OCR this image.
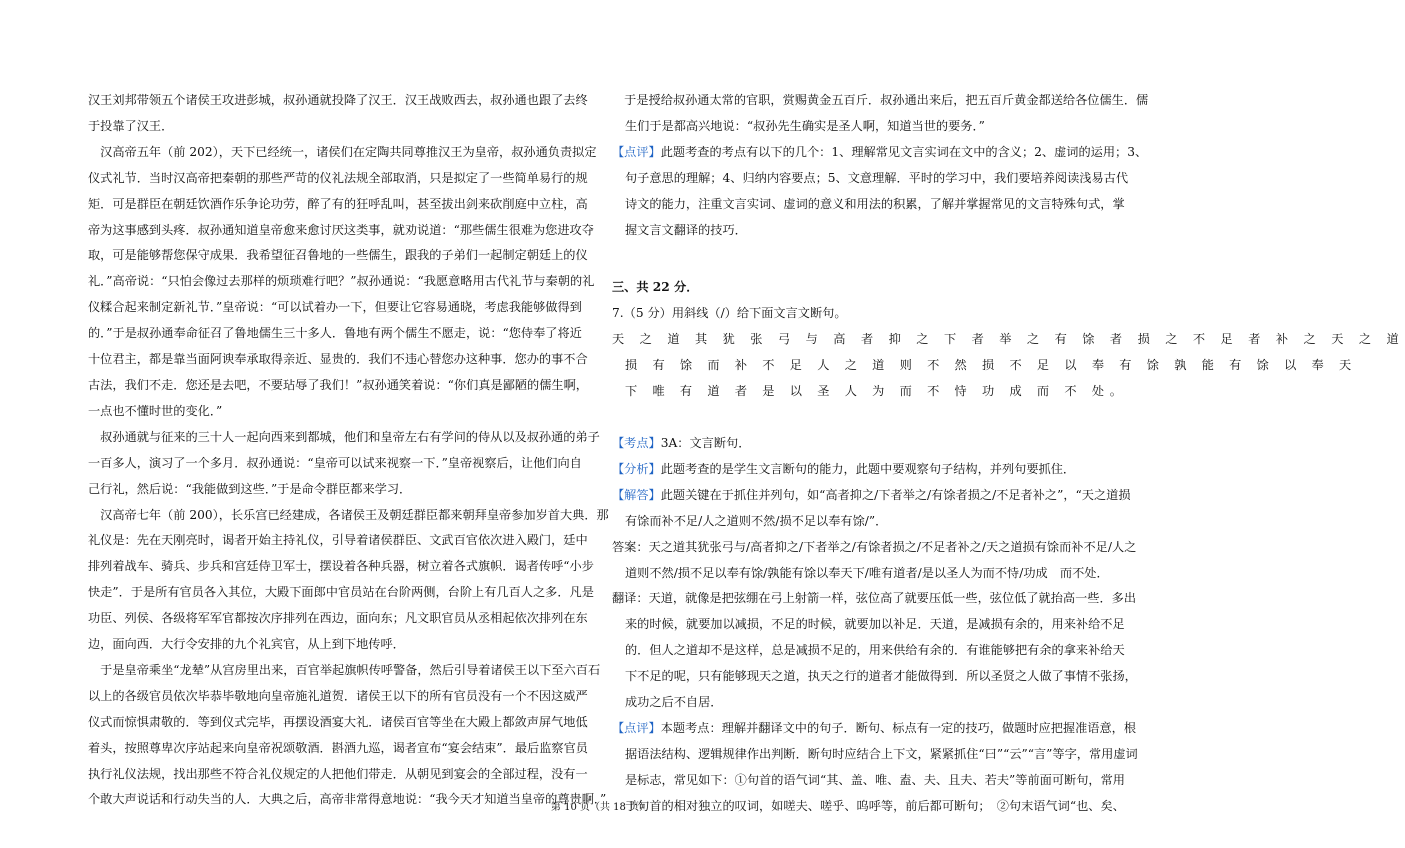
汉王刘邦带领五个诸侯王攻进彭城，叔孙通就投降了汉王．汉王战败西去，叔孙通也跟了去终
于投靠了汉王．
　汉高帝五年（前 202），天下已经统一，诸侯们在定陶共同尊推汉王为皇帝，叔孙通负责拟定
仪式礼节．当时汉高帝把秦朝的那些严苛的仪礼法规全部取消，只是拟定了一些简单易行的规
矩．可是群臣在朝廷饮酒作乐争论功劳，醉了有的狂呼乱叫，甚至拔出剑来砍削庭中立柱，高
帝为这事感到头疼．叔孙通知道皇帝愈来愈讨厌这类事，就劝说道：“那些儒生很难为您进攻夺
取，可是能够帮您保守成果．我希望征召鲁地的一些儒生，跟我的子弟们一起制定朝廷上的仪
礼．”高帝说：“只怕会像过去那样的烦琐难行吧？”叔孙通说：“我愿意略用古代礼节与秦朝的礼
仪糅合起来制定新礼节．”皇帝说：“可以试着办一下，但要让它容易通晓，考虑我能够做得到
的．”于是叔孙通奉命征召了鲁地儒生三十多人．鲁地有两个儒生不愿走，说：“您侍奉了将近
十位君主，都是靠当面阿谀奉承取得亲近、显贵的．我们不违心替您办这种事．您办的事不合
古法，我们不走．您还是去吧，不要玷辱了我们！”叔孙通笑着说：“你们真是鄙陋的儒生啊，
一点也不懂时世的变化．”
　叔孙通就与征来的三十人一起向西来到都城，他们和皇帝左右有学问的侍从以及叔孙通的弟子
一百多人，演习了一个多月．叔孙通说：“皇帝可以试来视察一下．”皇帝视察后，让他们向自
己行礼，然后说：“我能做到这些．”于是命令群臣都来学习．
　汉高帝七年（前 200），长乐宫已经建成，各诸侯王及朝廷群臣都来朝拜皇帝参加岁首大典．那
礼仪是：先在天刚亮时，谒者开始主持礼仪，引导着诸侯群臣、文武百官依次进入殿门，廷中
排列着战车、骑兵、步兵和宫廷侍卫军士，摆设着各种兵器，树立着各式旗帜．谒者传呼“小步
快走”．于是所有官员各入其位，大殿下面郎中官员站在台阶两侧，台阶上有几百人之多．凡是
功臣、列侯、各级将军军官都按次序排列在西边，面向东；凡文职官员从丞相起依次排列在东
边，面向西．大行令安排的九个礼宾官，从上到下地传呼．
　于是皇帝乘坐“龙辇”从宫房里出来，百官举起旗帜传呼警备，然后引导着诸侯王以下至六百石
以上的各级官员依次毕恭毕敬地向皇帝施礼道贺．诸侯王以下的所有官员没有一个不因这威严
仪式而惊惧肃敬的．等到仪式完毕，再摆设酒宴大礼．诸侯百官等坐在大殿上都敛声屏气地低
着头，按照尊卑次序站起来向皇帝祝颂敬酒．斟酒九巡，谒者宣布“宴会结束”．最后监察官员
执行礼仪法规，找出那些不符合礼仪规定的人把他们带走．从朝见到宴会的全部过程，没有一
个敢大声说话和行动失当的人．大典之后，高帝非常得意地说：“我今天才知道当皇帝的尊贵啊．”
　于是授给叔孙通太常的官职，赏赐黄金五百斤．叔孙通出来后，把五百斤黄金都送给各位儒生．儒
生们于是都高兴地说：“叔孙先生确实是圣人啊，知道当世的要务．”
【点评】此题考查的考点有以下的几个：1、理解常见文言实词在文中的含义；2、虚词的运用；3、
句子意思的理解；4、归纳内容要点；5、文意理解．平时的学习中，我们要培养阅读浅易古代
诗文的能力，注重文言实词、虚词的意义和用法的积累，了解并掌握常见的文言特殊句式，掌
握文言文翻译的技巧．
三、共 22 分．
7.（5 分）用斜线（/）给下面文言文断句。
天 之 道 其 犹 张 弓 与 高 者 抑 之 下 者 举 之 有 馀 者 损 之 不 足 者 补 之 天 之 道
损 有 馀 而 补 不 足 人 之 道 则 不 然 损 不 足 以 奉 有 馀 孰 能 有 馀 以 奉 天
下 唯 有 道 者 是 以 圣 人 为 而 不 恃 功 成 而 不 处。
【考点】3A：文言断句．
【分析】此题考查的是学生文言断句的能力，此题中要观察句子结构，并列句要抓住．
【解答】此题关键在于抓住并列句，如“高者抑之/下者举之/有馀者损之/不足者补之”，“天之道损
有馀而补不足/人之道则不然/损不足以奉有馀/”．
答案：天之道其犹张弓与/高者抑之/下者举之/有馀者损之/不足者补之/天之道损有馀而补不足/人之
道则不然/损不足以奉有馀/孰能有馀以奉天下/唯有道者/是以圣人为而不恃/功成　而不处．
翻译：天道，就像是把弦绷在弓上射箭一样，弦位高了就要压低一些，弦位低了就抬高一些．多出
来的时候，就要加以减损，不足的时候，就要加以补足．天道，是减损有余的，用来补给不足
的．但人之道却不是这样，总是减损不足的，用来供给有余的．有谁能够把有余的拿来补给天
下不足的呢，只有能够现天之道，执天之行的道者才能做得到．所以圣贤之人做了事情不张扬，
成功之后不自居．
【点评】本题考点：理解并翻译文中的句子．断句、标点有一定的技巧，做题时应把握准语意，根
据语法结构、逻辑规律作出判断．断句时应结合上下文，紧紧抓住“曰”“云”“言”等字，常用虚词
是标志，常见如下：①句首的语气词“其、盖、唯、盍、夫、且夫、若夫”等前面可断句，常用
于句首的相对独立的叹词，如嗟夫、嗟乎、呜呼等，前后都可断句；　②句末语气词“也、矣、
第 10 页（共 18 页）
